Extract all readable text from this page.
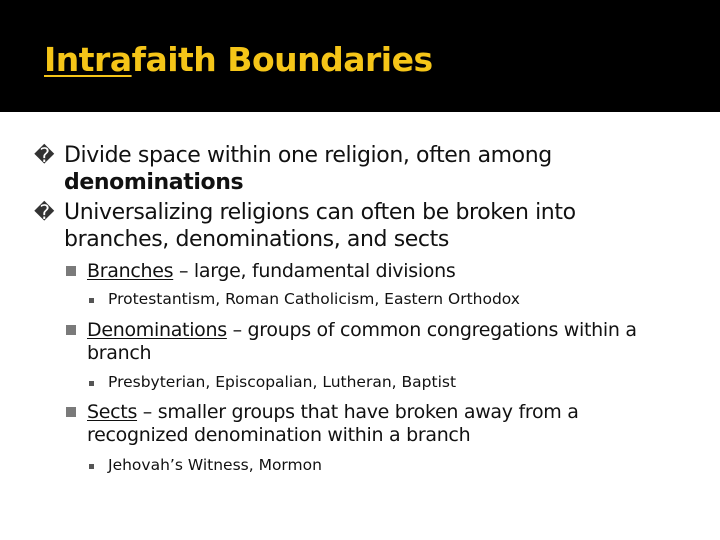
Intrafaith Boundaries
� Divide space within one religion, often among
denominations
� Universalizing religions can often be broken into
branches, denominations, and sects
Branches – large, fundamental divisions
Protestantism, Roman Catholicism, Eastern Orthodox
Denominations – groups of common congregations within a branch
Presbyterian, Episcopalian, Lutheran, Baptist
Sects – smaller groups that have broken away from a recognized denomination within a branch
Jehovah’s Witness, Mormon
